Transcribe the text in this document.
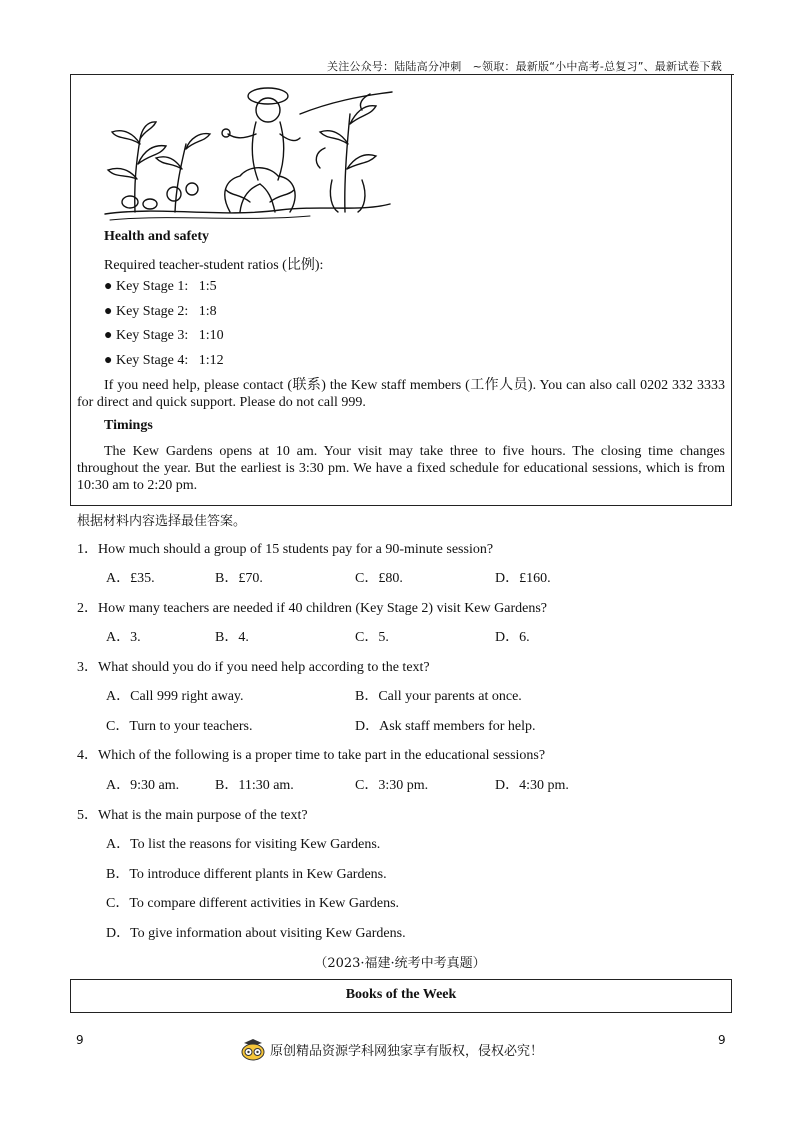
关注公众号：陆陆高分冲刺　~领取：最新版“小中高考-总复习”、最新试卷下载
Health and safety
Required teacher-student ratios (比例):
● Key Stage 1:   1:5
● Key Stage 2:   1:8
● Key Stage 3:   1:10
● Key Stage 4:   1:12
If you need help, please contact (联系) the Kew staff members (工作人员). You can also call 0202 332 3333 for direct and quick support. Please do not call 999.
Timings
The Kew Gardens opens at 10 am. Your visit may take three to five hours. The closing time changes throughout the year. But the earliest is 3:30 pm. We have a fixed schedule for educational sessions, which is from 10:30 am to 2:20 pm.
根据材料内容选择最佳答案。
1．How much should a group of 15 students pay for a 90-minute session?
A．£35.	B．£70.	C．£80.	D．£160.
2．How many teachers are needed if 40 children (Key Stage 2) visit Kew Gardens?
A．3.	B．4.	C．5.	D．6.
3．What should you do if you need help according to the text?
A．Call 999 right away.	B．Call your parents at once.
C．Turn to your teachers.	D．Ask staff members for help.
4．Which of the following is a proper time to take part in the educational sessions?
A．9:30 am.	B．11:30 am.	C．3:30 pm.	D．4:30 pm.
5．What is the main purpose of the text?
A．To list the reasons for visiting Kew Gardens.
B．To introduce different plants in Kew Gardens.
C．To compare different activities in Kew Gardens.
D．To give information about visiting Kew Gardens.
（2023·福建·统考中考真题）
Books of the Week
9	9
原创精品资源学科网独家享有版权，侵权必究！
